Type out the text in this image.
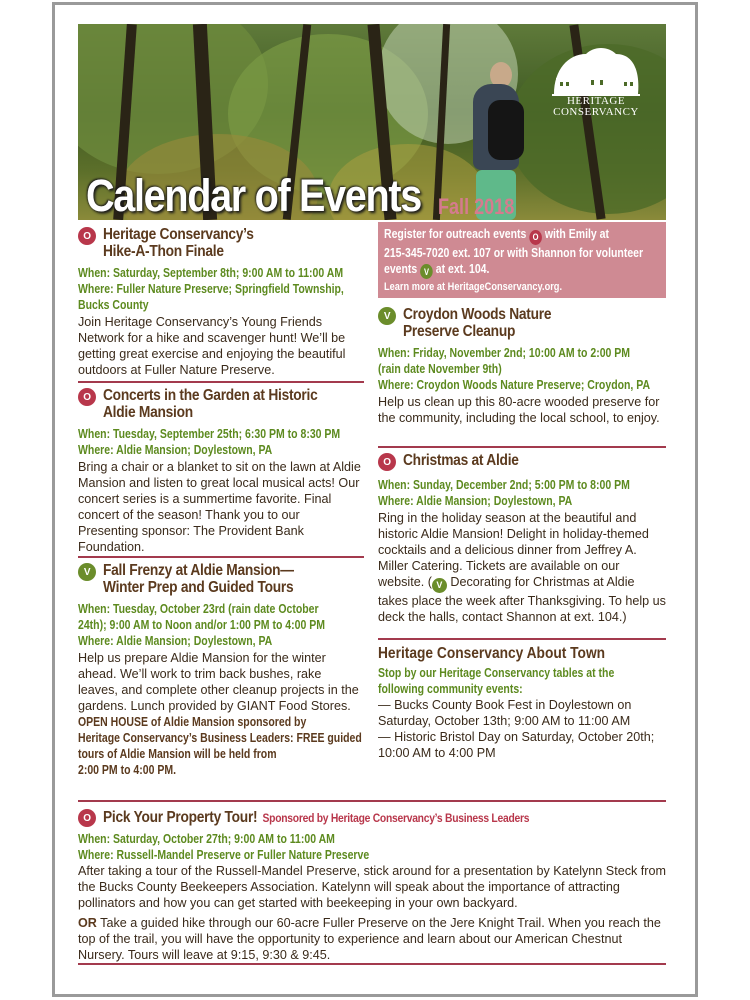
HERITAGE
CONSERVANCY
Calendar of Events Fall 2018
Register for outreach events O with Emily at
215-345-7020 ext. 107 or with Shannon for volunteer
events V at ext. 104.
Learn more at HeritageConservancy.org.
O Heritage Conservancy’s
Hike-A-Thon Finale
When: Saturday, September 8th; 9:00 AM to 11:00 AM
Where: Fuller Nature Preserve; Springfield Township,
Bucks County
Join Heritage Conservancy’s Young Friends Network for a hike and scavenger hunt! We’ll be getting great exercise and enjoying the beautiful outdoors at Fuller Nature Preserve.
O Concerts in the Garden at Historic
Aldie Mansion
When: Tuesday, September 25th; 6:30 PM to 8:30 PM
Where: Aldie Mansion; Doylestown, PA
Bring a chair or a blanket to sit on the lawn at Aldie Mansion and listen to great local musical acts! Our concert series is a summertime favorite. Final concert of the season! Thank you to our Presenting sponsor: The Provident Bank Foundation.
V Fall Frenzy at Aldie Mansion—
Winter Prep and Guided Tours
When: Tuesday, October 23rd (rain date October
24th); 9:00 AM to Noon and/or 1:00 PM to 4:00 PM
Where: Aldie Mansion; Doylestown, PA
Help us prepare Aldie Mansion for the winter ahead. We’ll work to trim back bushes, rake leaves, and complete other cleanup projects in the gardens. Lunch provided by GIANT Food Stores.
OPEN HOUSE of Aldie Mansion sponsored by
Heritage Conservancy’s Business Leaders: FREE guided
tours of Aldie Mansion will be held from
2:00 PM to 4:00 PM.
V Croydon Woods Nature
Preserve Cleanup
When: Friday, November 2nd; 10:00 AM to 2:00 PM
(rain date November 9th)
Where: Croydon Woods Nature Preserve; Croydon, PA
Help us clean up this 80-acre wooded preserve for the community, including the local school, to enjoy.
O Christmas at Aldie
When: Sunday, December 2nd; 5:00 PM to 8:00 PM
Where: Aldie Mansion; Doylestown, PA
Ring in the holiday season at the beautiful and historic Aldie Mansion! Delight in holiday-themed cocktails and a delicious dinner from Jeffrey A. Miller Catering. Tickets are available on our website. ( V Decorating for Christmas at Aldie takes place the week after Thanksgiving. To help us deck the halls, contact Shannon at ext. 104.)
Heritage Conservancy About Town
Stop by our Heritage Conservancy tables at the
following community events:
— Bucks County Book Fest in Doylestown on Saturday, October 13th; 9:00 AM to 11:00 AM
— Historic Bristol Day on Saturday, October 20th; 10:00 AM to 4:00 PM
O Pick Your Property Tour! Sponsored by Heritage Conservancy’s Business Leaders
When: Saturday, October 27th; 9:00 AM to 11:00 AM
Where: Russell-Mandel Preserve or Fuller Nature Preserve
After taking a tour of the Russell-Mandel Preserve, stick around for a presentation by Katelynn Steck from the Bucks County Beekeepers Association. Katelynn will speak about the importance of attracting pollinators and how you can get started with beekeeping in your own backyard.
OR Take a guided hike through our 60-acre Fuller Preserve on the Jere Knight Trail. When you reach the top of the trail, you will have the opportunity to experience and learn about our American Chestnut Nursery. Tours will leave at 9:15, 9:30 & 9:45.
